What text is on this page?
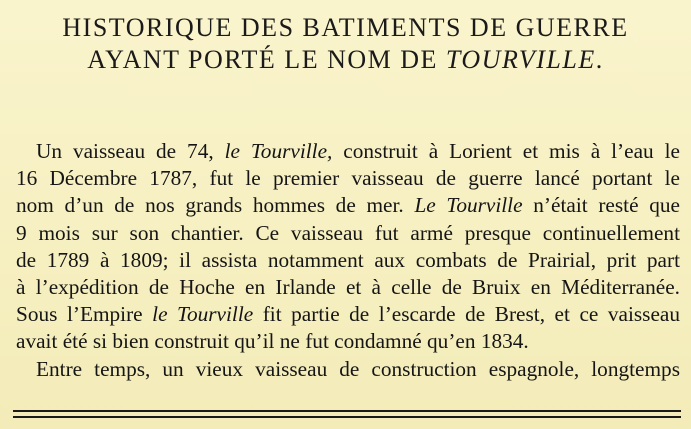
HISTORIQUE DES BATIMENTS DE GUERRE
AYANT PORTÉ LE NOM DE TOURVILLE.
Un vaisseau de 74, le Tourville, construit à Lorient et mis à l’eau le
16 Décembre 1787, fut le premier vaisseau de guerre lancé portant le
nom d’un de nos grands hommes de mer. Le Tourville n’était resté que
9 mois sur son chantier. Ce vaisseau fut armé presque continuellement
de 1789 à 1809; il assista notamment aux combats de Prairial, prit part
à l’expédition de Hoche en Irlande et à celle de Bruix en Méditerranée.
Sous l’Empire le Tourville fit partie de l’escarde de Brest, et ce vaisseau
avait été si bien construit qu’il ne fut condamné qu’en 1834.
Entre temps, un vieux vaisseau de construction espagnole, longtemps
